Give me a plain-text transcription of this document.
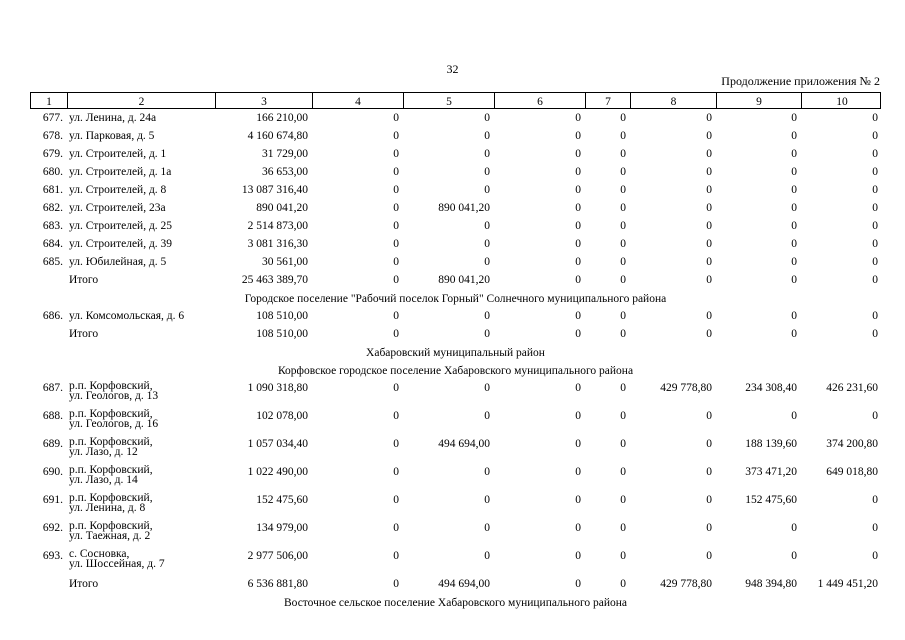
32
Продолжение приложения № 2
1	2	3	4	5	6	7	8	9	10
677. ул. Ленина, д. 24а	166 210,00	0	0	0	0	0	0	0
678. ул. Парковая, д. 5	4 160 674,80	0	0	0	0	0	0	0
679. ул. Строителей, д. 1	31 729,00	0	0	0	0	0	0	0
680. ул. Строителей, д. 1а	36 653,00	0	0	0	0	0	0	0
681. ул. Строителей, д. 8	13 087 316,40	0	0	0	0	0	0	0
682. ул. Строителей, 23а	890 041,20	0	890 041,20	0	0	0	0	0
683. ул. Строителей, д. 25	2 514 873,00	0	0	0	0	0	0	0
684. ул. Строителей, д. 39	3 081 316,30	0	0	0	0	0	0	0
685. ул. Юбилейная, д. 5	30 561,00	0	0	0	0	0	0	0
Итого	25 463 389,70	0	890 041,20	0	0	0	0	0
Городское поселение "Рабочий поселок Горный" Солнечного муниципального района
686. ул. Комсомольская, д. 6	108 510,00	0	0	0	0	0	0	0
Итого	108 510,00	0	0	0	0	0	0	0
Хабаровский муниципальный район
Корфовское городское поселение Хабаровского муниципального района
687. р.п. Корфовский,
ул. Геологов, д. 13
1 090 318,80	0	0	0	0	429 778,80	234 308,40	426 231,60
688. р.п. Корфовский,
ул. Геологов, д. 16
102 078,00	0	0	0	0	0	0	0
689. р.п. Корфовский,
ул. Лазо, д. 12
1 057 034,40	0	494 694,00	0	0	0	188 139,60	374 200,80
690. р.п. Корфовский,
ул. Лазо, д. 14
1 022 490,00	0	0	0	0	0	373 471,20	649 018,80
691. р.п. Корфовский,
ул. Ленина, д. 8
152 475,60	0	0	0	0	0	152 475,60	0
692. р.п. Корфовский,
ул. Таежная, д. 2
134 979,00	0	0	0	0	0	0	0
693. с. Сосновка,
ул. Шоссейная, д. 7
2 977 506,00	0	0	0	0	0	0	0
Итого	6 536 881,80	0	494 694,00	0	0	429 778,80	948 394,80	1 449 451,20
Восточное сельское поселение Хабаровского муниципального района
